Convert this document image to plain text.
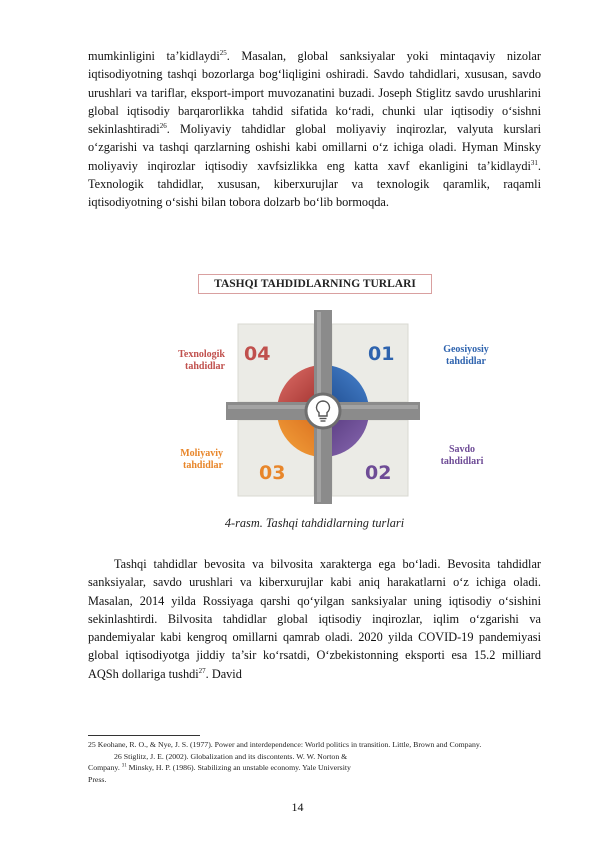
mumkinligini ta’kidlaydi$^{25}$. Masalan, global sanksiyalar yoki mintaqaviy nizolar iqtisodiyotning tashqi bozorlarga bog‘liqligini oshiradi. Savdo tahdidlari, xususan, savdo urushlari va tariflar, eksport-import muvozanatini buzadi. Joseph Stiglitz savdo urushlarini global iqtisodiy barqarorlikka tahdid sifatida ko‘radi, chunki ular iqtisodiy o‘sishni sekinlashtiradi$^{26}$. Moliyaviy tahdidlar global moliyaviy inqirozlar, valyuta kurslari o‘zgarishi va tashqi qarzlarning oshishi kabi omillarni o‘z ichiga oladi. Hyman Minsky moliyaviy inqirozlar iqtisodiy xavfsizlikka eng katta xavf ekanligini ta’kidlaydi$^{31}$. Texnologik tahdidlar, xususan, kiberxurujlar va texnologik qaramlik, raqamli iqtisodiyotning o‘sishi bilan tobora dolzarb bo‘lib bormoqda.
TASHQI TAHDIDLARNING TURLARI
04	01
03	02
Texnologik
tahdidlar
Geosiyosiy
tahdidlar
Moliyaviy
tahdidlar
Savdo
tahdidlari
4-rasm. Tashqi tahdidlarning turlari
Tashqi tahdidlar bevosita va bilvosita xarakterga ega bo‘ladi. Bevosita tahdidlar sanksiyalar, savdo urushlari va kiberxurujlar kabi aniq harakatlarni o‘z ichiga oladi. Masalan, 2014 yilda Rossiyaga qarshi qo‘yilgan sanksiyalar uning iqtisodiy o‘sishini sekinlashtirdi. Bilvosita tahdidlar global iqtisodiy inqirozlar, iqlim o‘zgarishi va pandemiyalar kabi kengroq omillarni qamrab oladi. 2020 yilda COVID-19 pandemiyasi global iqtisodiyotga jiddiy ta’sir ko‘rsatdi, O‘zbekistonning eksporti esa 15.2 milliard AQSh dollariga tushdi$^{27}$. David
25 Keohane, R. O., & Nye, J. S. (1977). Power and interdependence: World politics in transition. Little, Brown and Company.
26 Stiglitz, J. E. (2002). Globalization and its discontents. W. W. Norton &
Company. $^{31}$ Minsky, H. P. (1986). Stabilizing an unstable economy. Yale University
Press.
14
